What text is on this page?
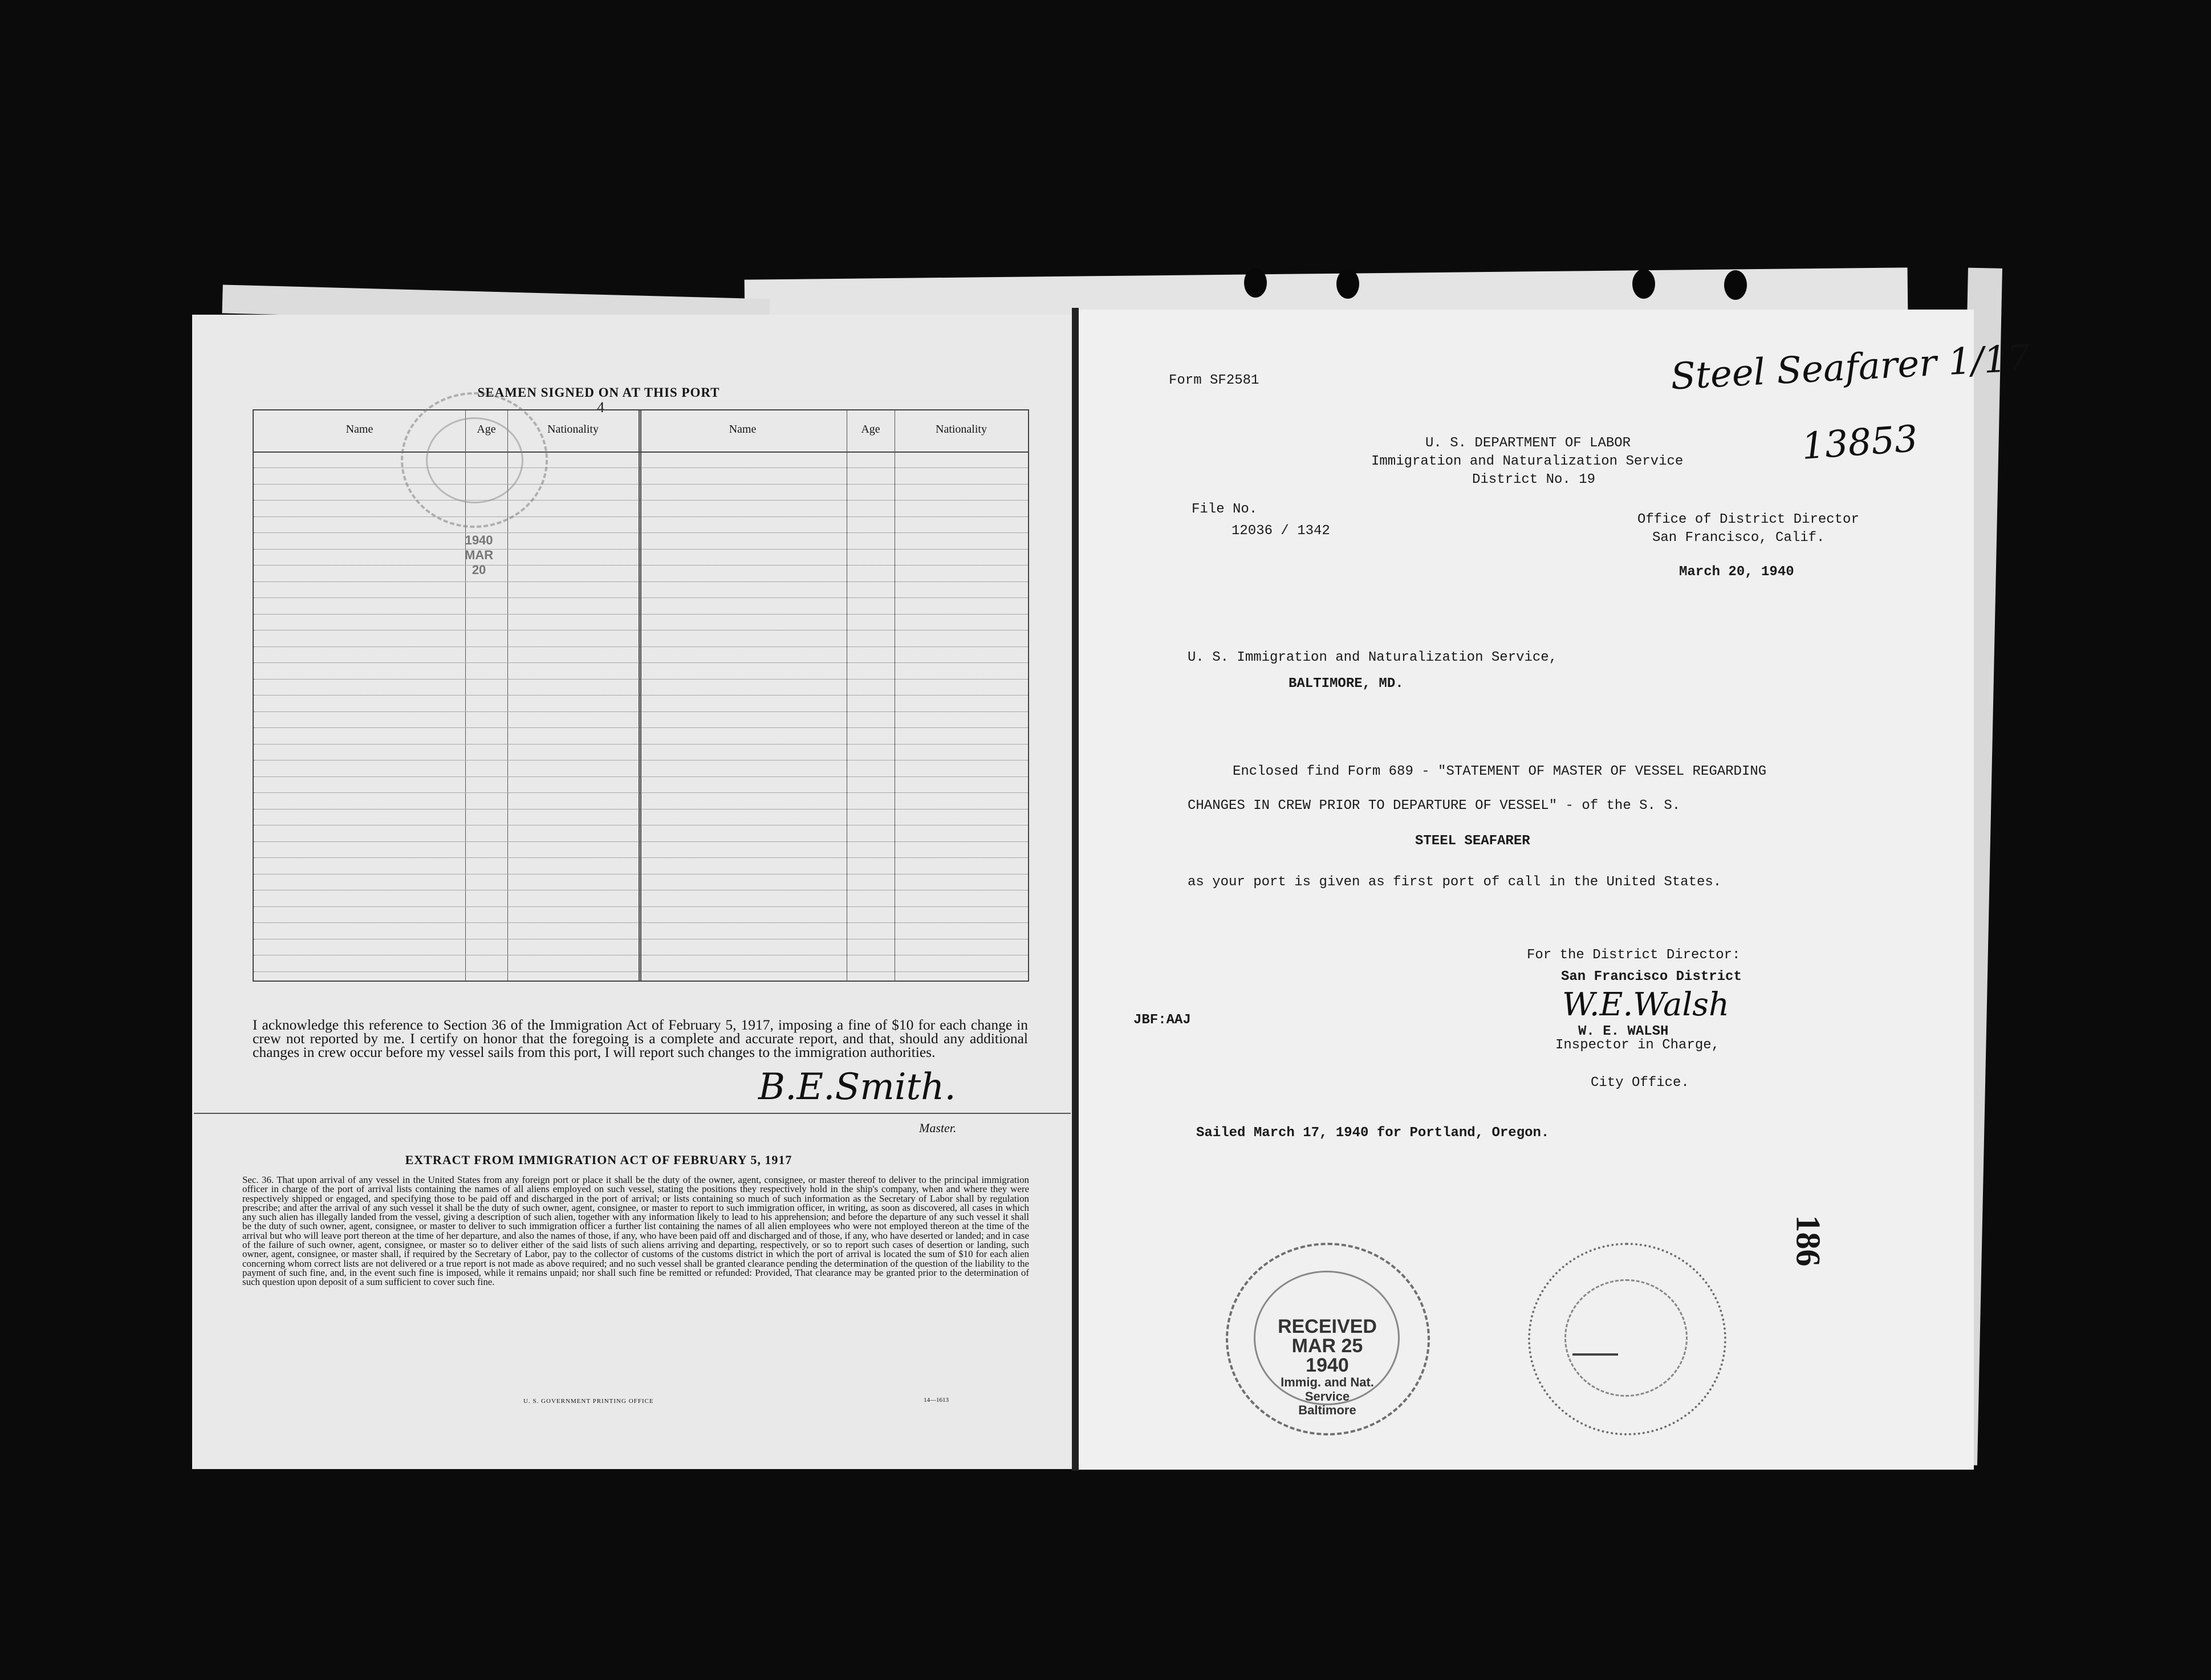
4
SEAMEN SIGNED ON AT THIS PORT
Name	Age	Nationality	Name	Age	Nationality
1940
MAR
20
I acknowledge this reference to Section 36 of the Immigration Act of February 5, 1917, imposing a fine of $10 for each change in crew not reported by me. I certify on honor that the foregoing is a complete and accurate report, and that, should any additional changes in crew occur before my vessel sails from this port, I will report such changes to the immigration authorities.
B.E.Smith.
Master.
EXTRACT FROM IMMIGRATION ACT OF FEBRUARY 5, 1917
Sec. 36. That upon arrival of any vessel in the United States from any foreign port or place it shall be the duty of the owner, agent, consignee, or master thereof to deliver to the principal immigration officer in charge of the port of arrival lists containing the names of all aliens employed on such vessel, stating the positions they respectively hold in the ship's company, when and where they were respectively shipped or engaged, and specifying those to be paid off and discharged in the port of arrival; or lists containing so much of such information as the Secretary of Labor shall by regulation prescribe; and after the arrival of any such vessel it shall be the duty of such owner, agent, consignee, or master to report to such immigration officer, in writing, as soon as discovered, all cases in which any such alien has illegally landed from the vessel, giving a description of such alien, together with any information likely to lead to his apprehension; and before the departure of any such vessel it shall be the duty of such owner, agent, consignee, or master to deliver to such immigration officer a further list containing the names of all alien employees who were not employed thereon at the time of the arrival but who will leave port thereon at the time of her departure, and also the names of those, if any, who have been paid off and discharged and of those, if any, who have deserted or landed; and in case of the failure of such owner, agent, consignee, or master so to deliver either of the said lists of such aliens arriving and departing, respectively, or so to report such cases of desertion or landing, such owner, agent, consignee, or master shall, if required by the Secretary of Labor, pay to the collector of customs of the customs district in which the port of arrival is located the sum of $10 for each alien concerning whom correct lists are not delivered or a true report is not made as above required; and no such vessel shall be granted clearance pending the determination of the question of the liability to the payment of such fine, and, in the event such fine is imposed, while it remains unpaid; nor shall such fine be remitted or refunded: Provided, That clearance may be granted prior to the determination of such question upon deposit of a sum sufficient to cover such fine.
U. S. GOVERNMENT PRINTING OFFICE	14—1613
Form SF2581	Steel Seafarer 1/17
13853
U. S. DEPARTMENT OF LABOR
Immigration and Naturalization Service
District No. 19
File No.
12036 / 1342
Office of District Director
San Francisco, Calif.
March 20, 1940
U. S. Immigration and Naturalization Service,
BALTIMORE, MD.
Enclosed find Form 689 - "STATEMENT OF MASTER OF VESSEL REGARDING
CHANGES IN CREW PRIOR TO DEPARTURE OF VESSEL" - of the S. S.
STEEL SEAFARER
as your port is given as first port of call in the United States.
For the District Director:
San Francisco District
W.E.Walsh
W. E. WALSH
Inspector in Charge,
City Office.
JBF:AAJ
Sailed March 17, 1940 for Portland, Oregon.
186
RECEIVED
MAR 25 1940
Immig. and Nat.
Service
Baltimore
